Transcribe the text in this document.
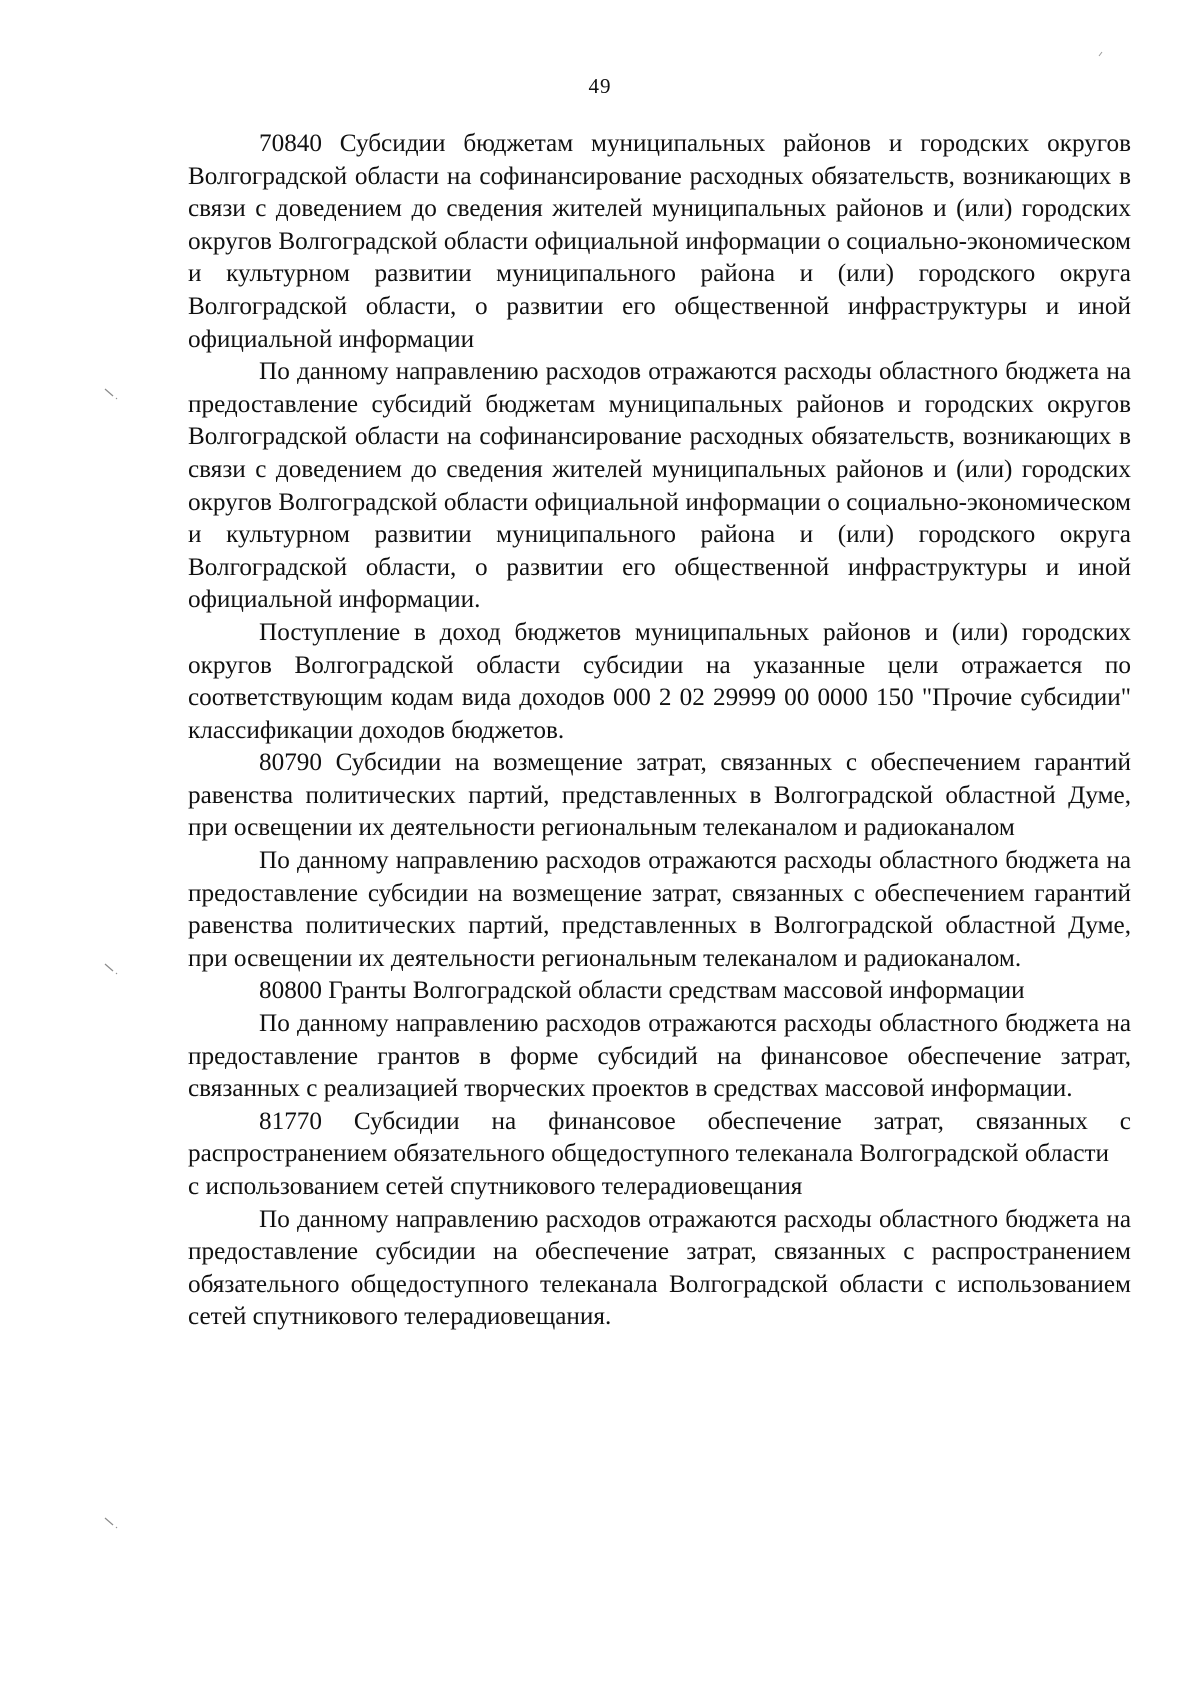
49

70840 Субсидии бюджетам муниципальных районов и городских округов Волгоградской области на софинансирование расходных обязательств, возникающих в связи с доведением до сведения жителей муниципальных районов и (или) городских округов Волгоградской области официальной информации о социально-экономическом и культурном развитии муниципального района и (или) городского округа Волгоградской области, о развитии его общественной инфраструктуры и иной официальной информации

По данному направлению расходов отражаются расходы областного бюджета на предоставление субсидий бюджетам муниципальных районов и городских округов Волгоградской области на софинансирование расходных обязательств, возникающих в связи с доведением до сведения жителей муниципальных районов и (или) городских округов Волгоградской области официальной информации о социально-экономическом и культурном развитии муниципального района и (или) городского округа Волгоградской области, о развитии его общественной инфраструктуры и иной официальной информации.

Поступление в доход бюджетов муниципальных районов и (или) городских округов Волгоградской области субсидии на указанные цели отражается по соответствующим кодам вида доходов 000 2 02 29999 00 0000 150 "Прочие субсидии" классификации доходов бюджетов.

80790 Субсидии на возмещение затрат, связанных с обеспечением гарантий равенства политических партий, представленных в Волгоградской областной Думе, при освещении их деятельности региональным телеканалом и радиоканалом

По данному направлению расходов отражаются расходы областного бюджета на предоставление субсидии на возмещение затрат, связанных с обеспечением гарантий равенства политических партий, представленных в Волгоградской областной Думе, при освещении их деятельности региональным телеканалом и радиоканалом.

80800 Гранты Волгоградской области средствам массовой информации

По данному направлению расходов отражаются расходы областного бюджета на предоставление грантов в форме субсидий на финансовое обеспечение затрат, связанных с реализацией творческих проектов в средствах массовой информации.

81770 Субсидии на финансовое обеспечение затрат, связанных с распространением обязательного общедоступного телеканала Волгоградской области

с использованием сетей спутникового телерадиовещания

По данному направлению расходов отражаются расходы областного бюджета на предоставление субсидии на обеспечение затрат, связанных с распространением обязательного общедоступного телеканала Волгоградской области с использованием сетей спутникового телерадиовещания.
